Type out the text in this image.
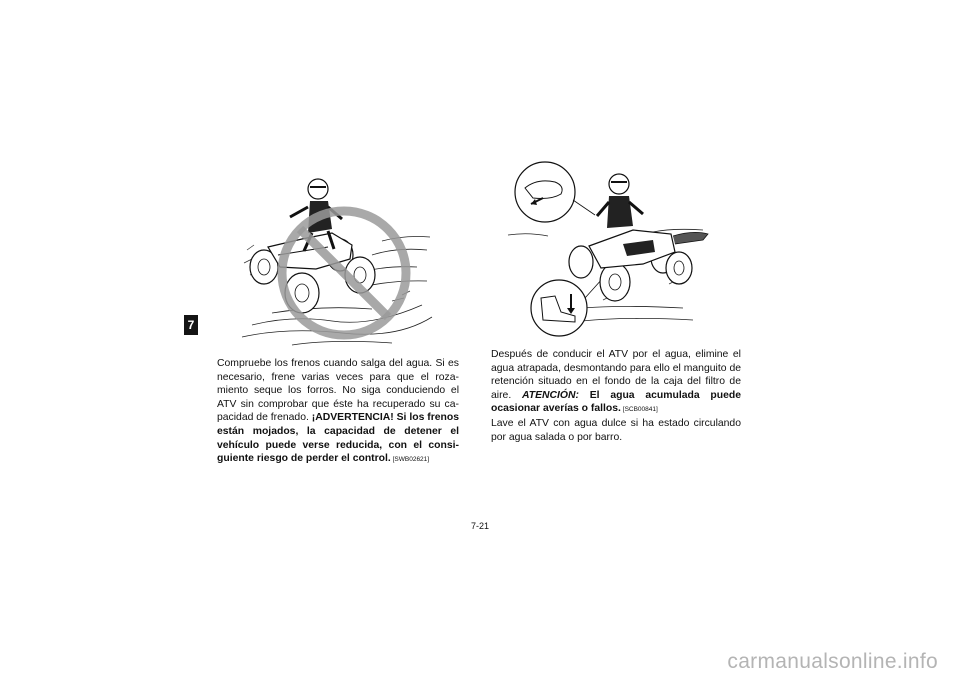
7

Compruebe los frenos cuando salga del agua. Si es necesario, frene varias veces para que el rozamiento seque los forros. No siga conduciendo el ATV sin comprobar que éste ha recuperado su capacidad de frenado. ¡ADVERTENCIA! Si los frenos están mojados, la capacidad de detener el vehículo puede verse reducida, con el consiguiente riesgo de perder el control. [SWB02621]

Después de conducir el ATV por el agua, elimine el agua atrapada, desmontando para ello el manguito de retención situado en el fondo de la caja del filtro de aire. ATENCIÓN: El agua acumulada puede ocasionar averías o fallos. [SCB00841]

Lave el ATV con agua dulce si ha estado circulando por agua salada o por barro.

7-21
carmanualsonline.info
